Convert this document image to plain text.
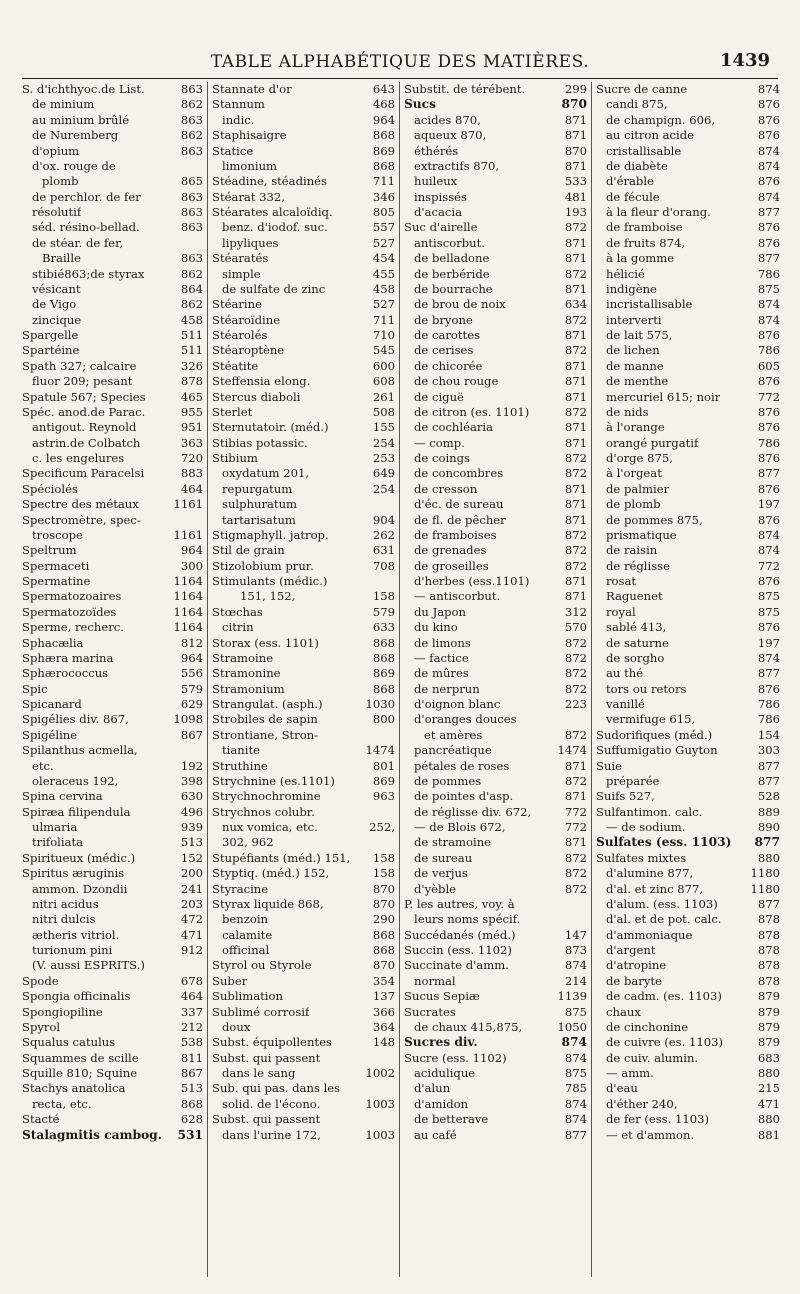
TABLE ALPHABÉTIQUE DES MATIÈRES.	1439
S. d'ichthyoc.de List.	863
de minium	862
au minium brûlé	863
de Nuremberg	862
d'opium	863
d'ox. rouge de
plomb	865
de perchlor. de fer	863
résolutif	863
séd. résino-bellad.	863
de stéar. de fer,
Braille	863
stibié863;de styrax	862
vésicant	864
de Vigo	862
zincique	458
Spargelle	511
Spartéine	511
Spath 327; calcaire	326
fluor 209; pesant	878
Spatule 567; Species	465
Spéc. anod.de Parac.	955
antigout. Reynold	951
astrin.de Colbatch	363
c. les engelures	720
Specificum Paracelsi	883
Spéciolés	464
Spectre des métaux	1161
Spectromètre, spec-
troscope	1161
Speltrum	964
Spermaceti	300
Spermatine	1164
Spermatozoaires	1164
Spermatozoïdes	1164
Sperme, recherc.	1164
Sphacælia	812
Sphæra marina	964
Sphærococcus	556
Spic	579
Spicanard	629
Spigélies div. 867,	1098
Spigéline	867
Spilanthus acmella,
etc.	192
oleraceus 192,	398
Spina cervina	630
Spiræa filipendula	496
ulmaria	939
trifoliata	513
Spiritueux (médic.)	152
Spiritus æruginis	200
ammon. Dzondii	241
nitri acidus	203
nitri dulcis	472
ætheris vitriol.	471
turionum pini	912
(V. aussi ESPRITS.)
Spode	678
Spongia officinalis	464
Spongiopiline	337
Spyrol	212
Squalus catulus	538
Squammes de scille	811
Squille 810; Squine	867
Stachys anatolica	513
recta, etc.	868
Stacté	628
Stalagmitis cambog. 531
Stannate d'or	643
Stannum	468
indic.	964
Staphisaigre	868
Statice	869
limonium	868
Stéadine, stéadinés	711
Stéarat 332,	346
Stéarates alcaloïdiq.	805
benz. d'iodof. suc.	557
lipyliques	527
Stéaratés	454
simple	455
de sulfate de zinc	458
Stéarine	527
Stéaroïdine	711
Stéarolés	710
Stéaroptène	545
Stéatite	600
Steffensia elong.	608
Stercus diaboli	261
Sterlet	508
Sternutatoir. (méd.)	155
Stibias potassic.	254
Stibium	253
oxydatum 201,	649
repurgatum	254
sulphuratum
tartarisatum	904
Stigmaphyll. jatrop.	262
Stil de grain	631
Stizolobium prur.	708
Stimulants (médic.)
151, 152,	158
Stœchas	579
citrin	633
Storax (ess. 1101)	868
Stramoine	868
Stramonine	869
Stramonium	868
Strangulat. (asph.)	1030
Strobiles de sapin	800
Strontiane, Stron-
tianite	1474
Struthine	801
Strychnine (es.1101)	869
Strychnochromine	963
Strychnos colubr.
nux vomica, etc.	252,
302, 962
Stupéfiants (méd.) 151, 158
Styptiq. (méd.) 152,	158
Styracine	870
Styrax liquide 868,	870
benzoin	290
calamite	868
officinal	868
Styrol ou Styrole	870
Suber	354
Sublimation	137
Sublimé corrosif	366
doux	364
Subst. équipollentes	148
Subst. qui passent
dans le sang	1002
Sub. qui pas. dans les
solid. de l'écono.	1003
Subst. qui passent
dans l'urine 172,	1003
Substit. de térébent.	299
Sucs	870
acides 870,	871
aqueux 870,	871
éthérés	870
extractifs 870,	871
huileux	533
inspissés	481
d'acacia	193
Suc d'airelle	872
antiscorbut.	871
de belladone	871
de berbéride	872
de bourrache	871
de brou de noix	634
de bryone	872
de carottes	871
de cerises	872
de chicorée	871
de chou rouge	871
de ciguë	871
de citron (es. 1101)	872
de cochléaria	871
— comp.	871
de coings	872
de concombres	872
de cresson	871
d'éc. de sureau	871
de fl. de pêcher	871
de framboises	872
de grenades	872
de groseilles	872
d'herbes (ess.1101)	871
— antiscorbut.	871
du Japon	312
du kino	570
de limons	872
— factice	872
de mûres	872
de nerprun	872
d'oignon blanc	223
d'oranges douces
et amères	872
pancréatique	1474
pétales de roses	871
de pommes	872
de pointes d'asp.	871
de réglisse div. 672,	772
— de Blois 672,	772
de stramoine	871
de sureau	872
de verjus	872
d'yèble	872
P. les autres, voy. à
leurs noms spécif.
Succédanés (méd.)	147
Succin (ess. 1102)	873
Succinate d'amm.	874
normal	214
Sucus Sepiæ	1139
Sucrates	875
de chaux 415,875,	1050
Sucres div.	874
Sucre (ess. 1102)	874
acidulique	875
d'alun	785
d'amidon	874
de betterave	874
au café	877
Sucre de canne	874
candi 875,	876
de champign. 606,	876
au citron acide	876
cristallisable	874
de diabète	874
d'érable	876
de fécule	874
à la fleur d'orang.	877
de framboise	876
de fruits 874,	876
à la gomme	877
hélicié	786
indigène	875
incristallisable	874
interverti	874
de lait 575,	876
de lichen	786
de manne	605
de menthe	876
mercuriel 615; noir	772
de nids	876
à l'orange	876
orangé purgatif	786
d'orge 875,	876
à l'orgeat	877
de palmier	876
de plomb	197
de pommes 875,	876
prismatique	874
de raisin	874
de réglisse	772
rosat	876
Raguenet	875
royal	875
sablé 413,	876
de saturne	197
de sorgho	874
au thé	877
tors ou retors	876
vanillé	786
vermifuge 615,	786
Sudorifiques (méd.)	154
Suffumigatio Guyton	303
Suie	877
préparée	877
Suifs 527,	528
Sulfantimon. calc.	889
— de sodium.	890
Sulfates (ess. 1103) 877
Sulfates mixtes	880
d'alumine 877,	1180
d'al. et zinc 877,	1180
d'alum. (ess. 1103)	877
d'al. et de pot. calc.	878
d'ammoniaque	878
d'argent	878
d'atropine	878
de baryte	878
de cadm. (es. 1103)	879
chaux	879
de cinchonine	879
de cuivre (es. 1103)	879
de cuiv. alumin.	683
— amm.	880
d'eau	215
d'éther 240,	471
de fer (ess. 1103)	880
— et d'ammon.	881
